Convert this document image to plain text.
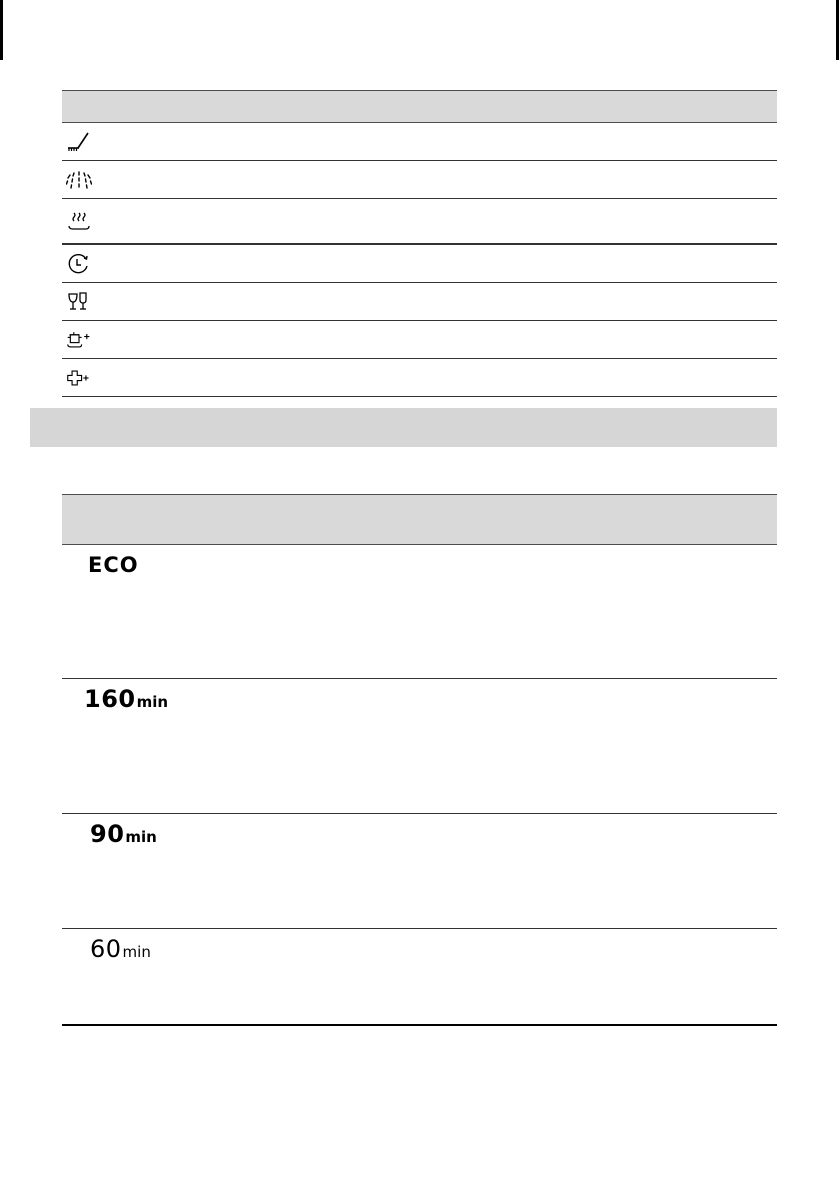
ECO
160min
90min
60min
